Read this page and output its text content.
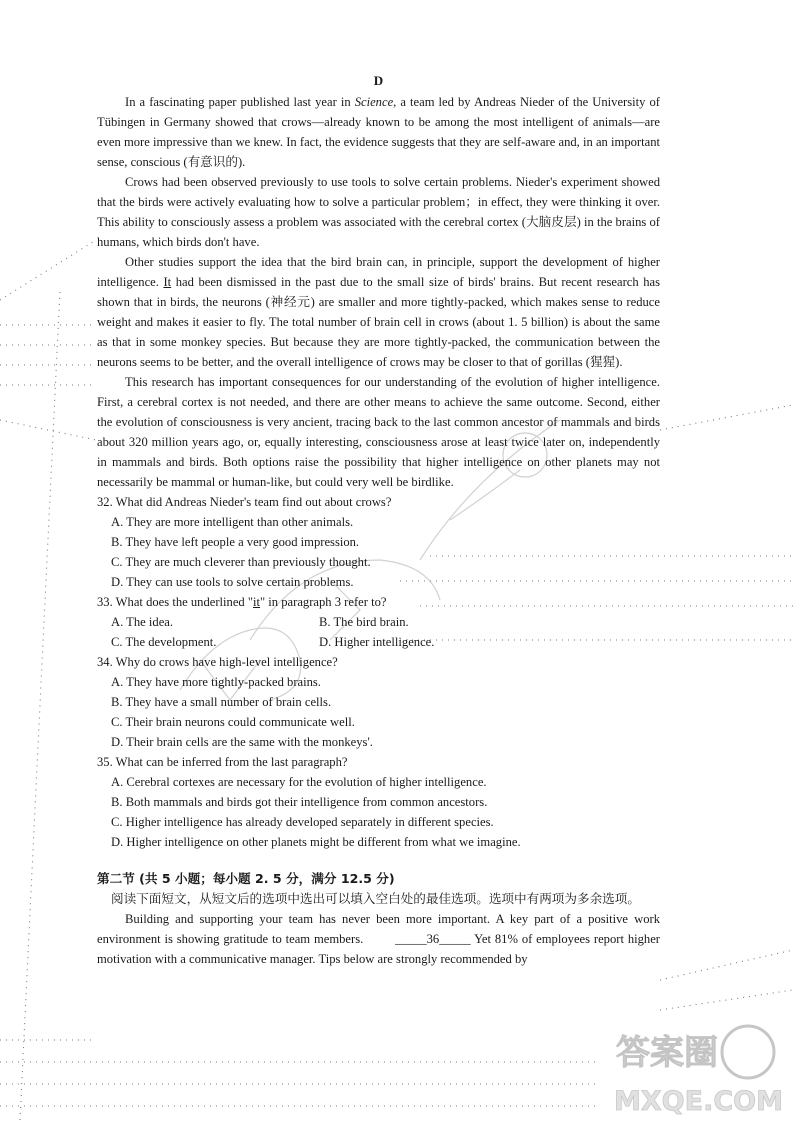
D

In a fascinating paper published last year in Science, a team led by Andreas Nieder of the University of Tübingen in Germany showed that crows—already known to be among the most intelligent of animals—are even more impressive than we knew. In fact, the evidence suggests that they are self-aware and, in an important sense, conscious (有意识的).

Crows had been observed previously to use tools to solve certain problems. Nieder's experiment showed that the birds were actively evaluating how to solve a particular problem；in effect, they were thinking it over. This ability to consciously assess a problem was associated with the cerebral cortex (大脑皮层) in the brains of humans, which birds don't have.

Other studies support the idea that the bird brain can, in principle, support the development of higher intelligence. It had been dismissed in the past due to the small size of birds' brains. But recent research has shown that in birds, the neurons (神经元) are smaller and more tightly-packed, which makes sense to reduce weight and makes it easier to fly. The total number of brain cell in crows (about 1. 5 billion) is about the same as that in some monkey species. But because they are more tightly-packed, the communication between the neurons seems to be better, and the overall intelligence of crows may be closer to that of gorillas (猩猩).

This research has important consequences for our understanding of the evolution of higher intelligence. First, a cerebral cortex is not needed, and there are other means to achieve the same outcome. Second, either the evolution of consciousness is very ancient, tracing back to the last common ancestor of mammals and birds about 320 million years ago, or, equally interesting, consciousness arose at least twice later on, independently in mammals and birds. Both options raise the possibility that higher intelligence on other planets may not necessarily be mammal or human-like, but could very well be birdlike.

32. What did Andreas Nieder's team find out about crows?
A. They are more intelligent than other animals.
B. They have left people a very good impression.
C. They are much cleverer than previously thought.
D. They can use tools to solve certain problems.
33. What does the underlined "it" in paragraph 3 refer to?
A. The idea.	B. The bird brain.
C. The development.	D. Higher intelligence.
34. Why do crows have high-level intelligence?
A. They have more tightly-packed brains.
B. They have a small number of brain cells.
C. Their brain neurons could communicate well.
D. Their brain cells are the same with the monkeys'.
35. What can be inferred from the last paragraph?
A. Cerebral cortexes are necessary for the evolution of higher intelligence.
B. Both mammals and birds got their intelligence from common ancestors.
C. Higher intelligence has already developed separately in different species.
D. Higher intelligence on other planets might be different from what we imagine.
第二节 (共 5 小题；每小题 2. 5 分，满分 12.5 分)
阅读下面短文，从短文后的选项中选出可以填入空白处的最佳选项。选项中有两项为多余选项。

Building and supporting your team has never been more important. A key part of a positive work environment is showing gratitude to team members. _____36_____ Yet 81% of employees report higher motivation with a communicative manager. Tips below are strongly recommended by

答案圈
MXQE.COM
